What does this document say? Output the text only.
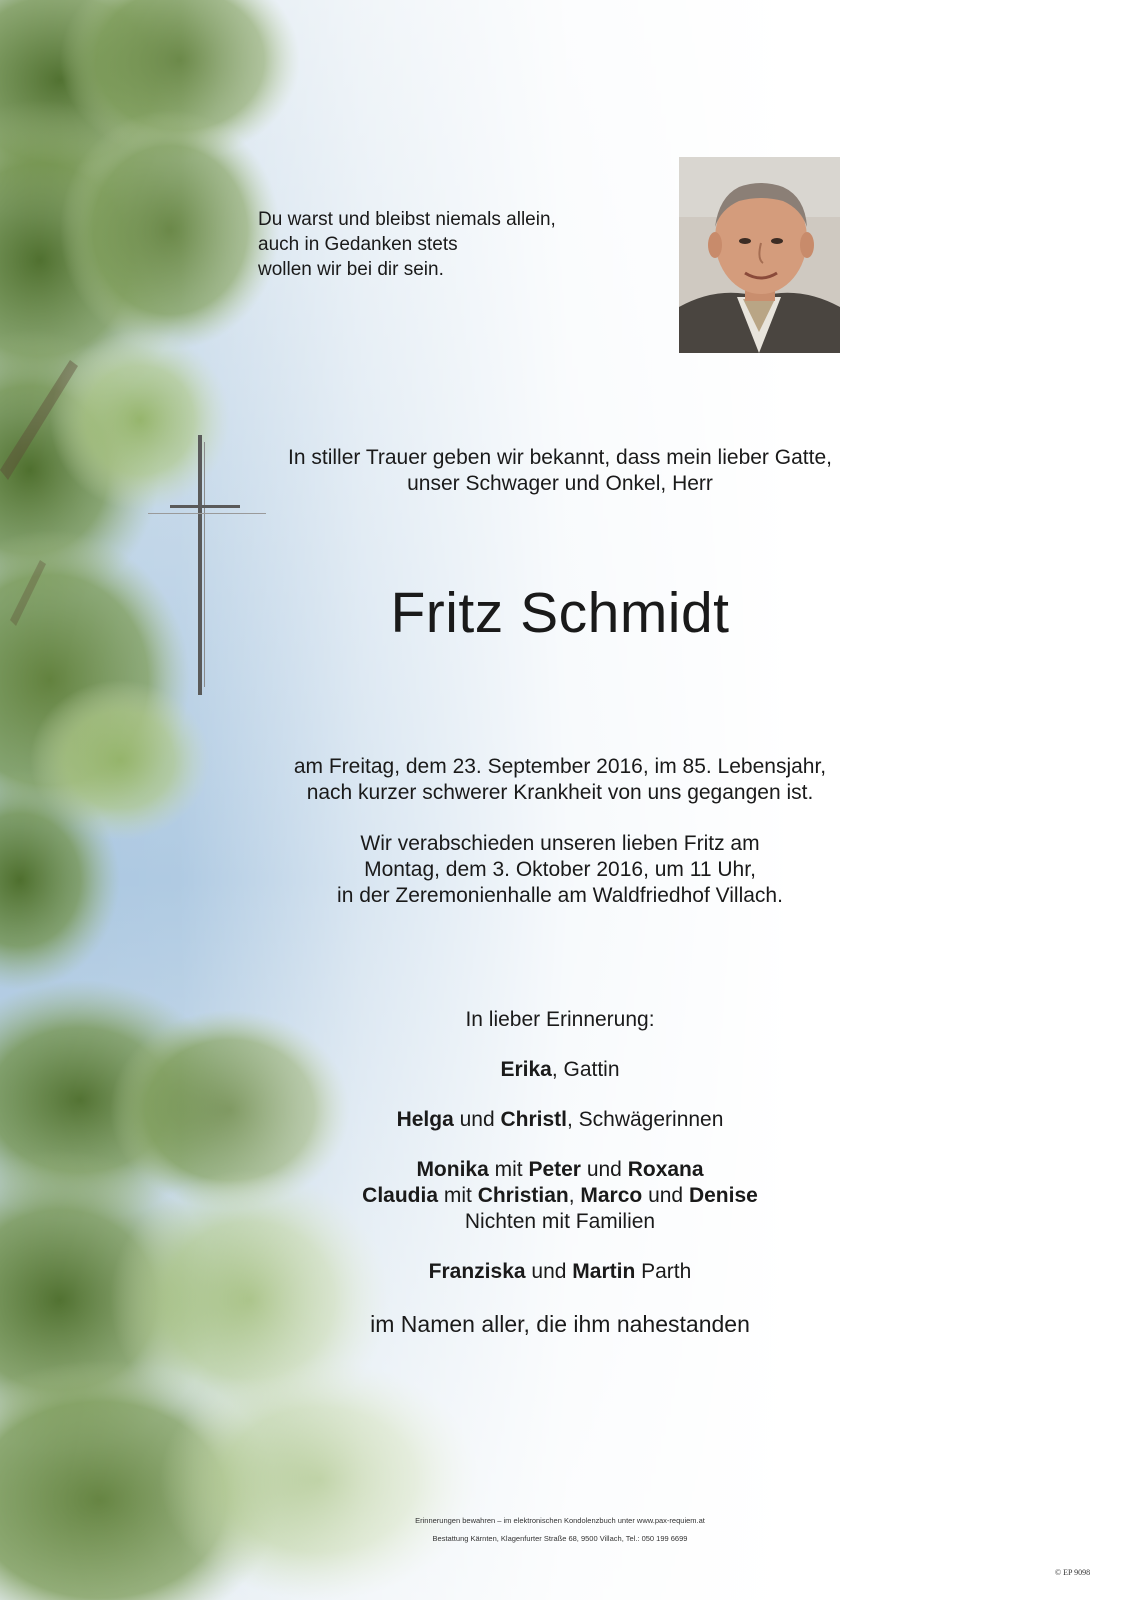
Du warst und bleibst niemals allein,
auch in Gedanken stets
wollen wir bei dir sein.
In stiller Trauer geben wir bekannt, dass mein lieber Gatte,
unser Schwager und Onkel, Herr
Fritz Schmidt
am Freitag, dem 23. September 2016, im 85. Lebensjahr,
nach kurzer schwerer Krankheit von uns gegangen ist.
Wir verabschieden unseren lieben Fritz am
Montag, dem 3. Oktober 2016, um 11 Uhr,
in der Zeremonienhalle am Waldfriedhof Villach.
In lieber Erinnerung:
Erika, Gattin
Helga und Christl, Schwägerinnen
Monika mit Peter und Roxana
Claudia mit Christian, Marco und Denise
Nichten mit Familien
Franziska und Martin Parth
im Namen aller, die ihm nahestanden
Erinnerungen bewahren – im elektronischen Kondolenzbuch unter www.pax-requiem.at
Bestattung Kärnten, Klagenfurter Straße 68, 9500 Villach, Tel.: 050 199 6699
© EP 9098
